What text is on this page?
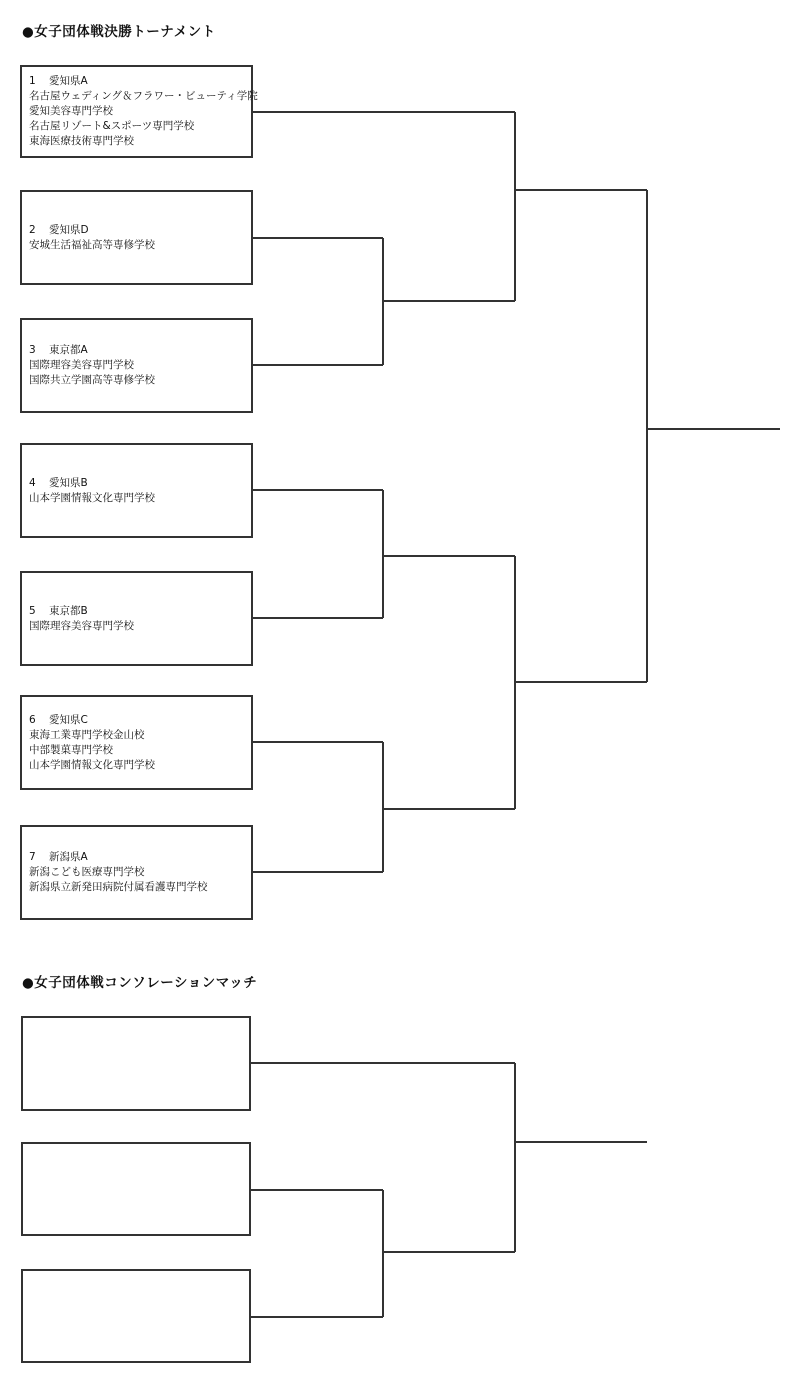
●女子団体戦決勝トーナメント
●女子団体戦コンソレーションマッチ
1 愛知県A
名古屋ウェディング＆フラワー・ビューティ学院
愛知美容専門学校
名古屋リゾート&スポーツ専門学校
東海医療技術専門学校
2 愛知県D
安城生活福祉高等専修学校
3 東京都A
国際理容美容専門学校
国際共立学園高等専修学校
4 愛知県B
山本学園情報文化専門学校
5 東京都B
国際理容美容専門学校
6 愛知県C
東海工業専門学校金山校
中部製菓専門学校
山本学園情報文化専門学校
7 新潟県A
新潟こども医療専門学校
新潟県立新発田病院付属看護専門学校
